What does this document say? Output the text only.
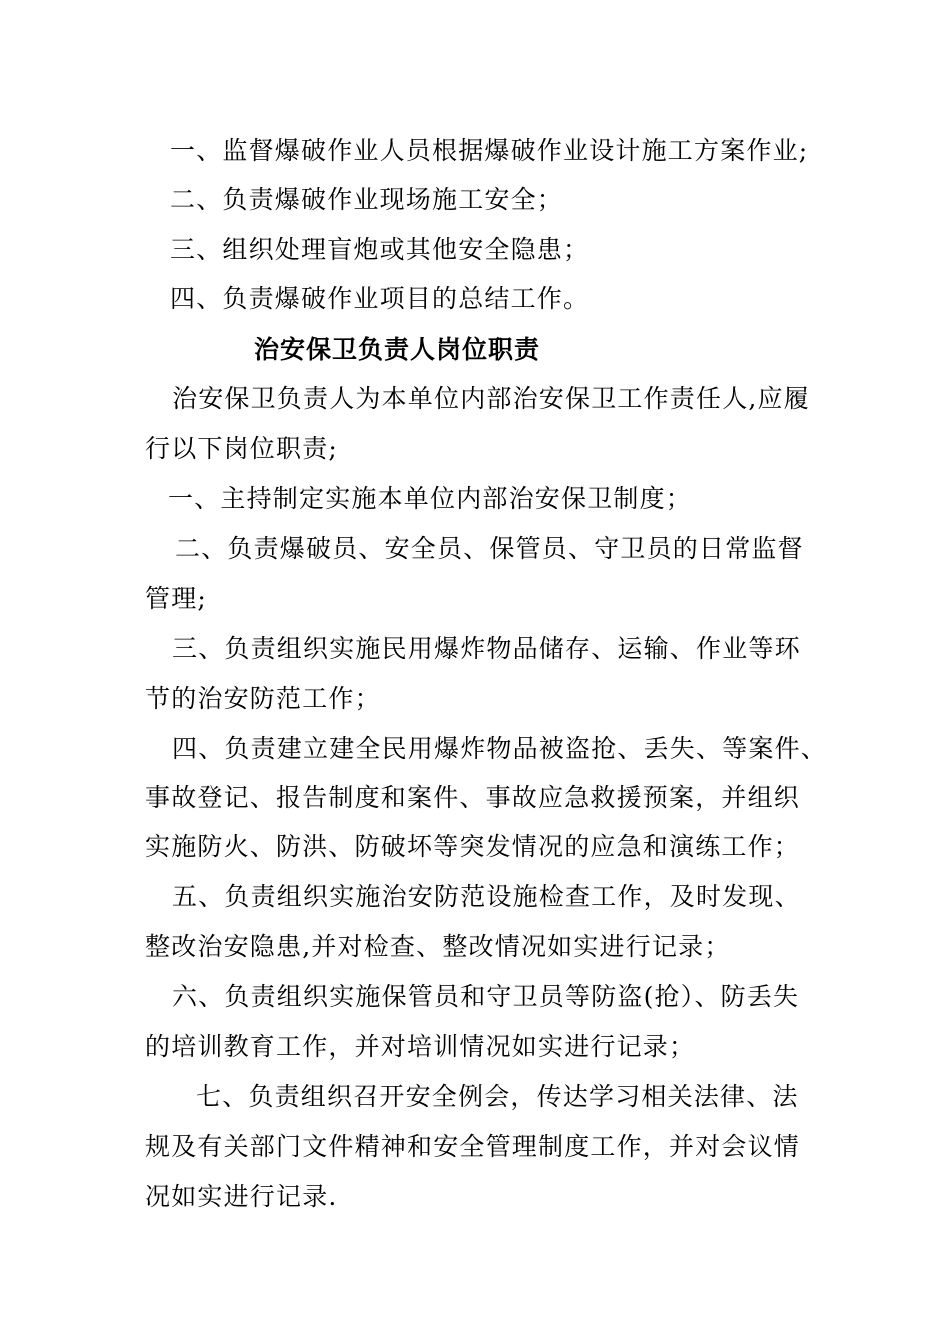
一、监督爆破作业人员根据爆破作业设计施工方案作业;
二、负责爆破作业现场施工安全；
三、组织处理盲炮或其他安全隐患；
四、负责爆破作业项目的总结工作。
治安保卫负责人岗位职责
治安保卫负责人为本单位内部治安保卫工作责任人,应履
行以下岗位职责;
一、主持制定实施本单位内部治安保卫制度；
二、负责爆破员、安全员、保管员、守卫员的日常监督
管理;
三、负责组织实施民用爆炸物品储存、运输、作业等环
节的治安防范工作；
四、负责建立建全民用爆炸物品被盗抢、丢失、等案件、
事故登记、报告制度和案件、事故应急救援预案，并组织
实施防火、防洪、防破坏等突发情况的应急和演练工作；
五、负责组织实施治安防范设施检查工作，及时发现、
整改治安隐患,并对检查、整改情况如实进行记录；
六、负责组织实施保管员和守卫员等防盗(抢）、防丢失
的培训教育工作，并对培训情况如实进行记录；
七、负责组织召开安全例会，传达学习相关法律、法
规及有关部门文件精神和安全管理制度工作，并对会议情
况如实进行记录.
